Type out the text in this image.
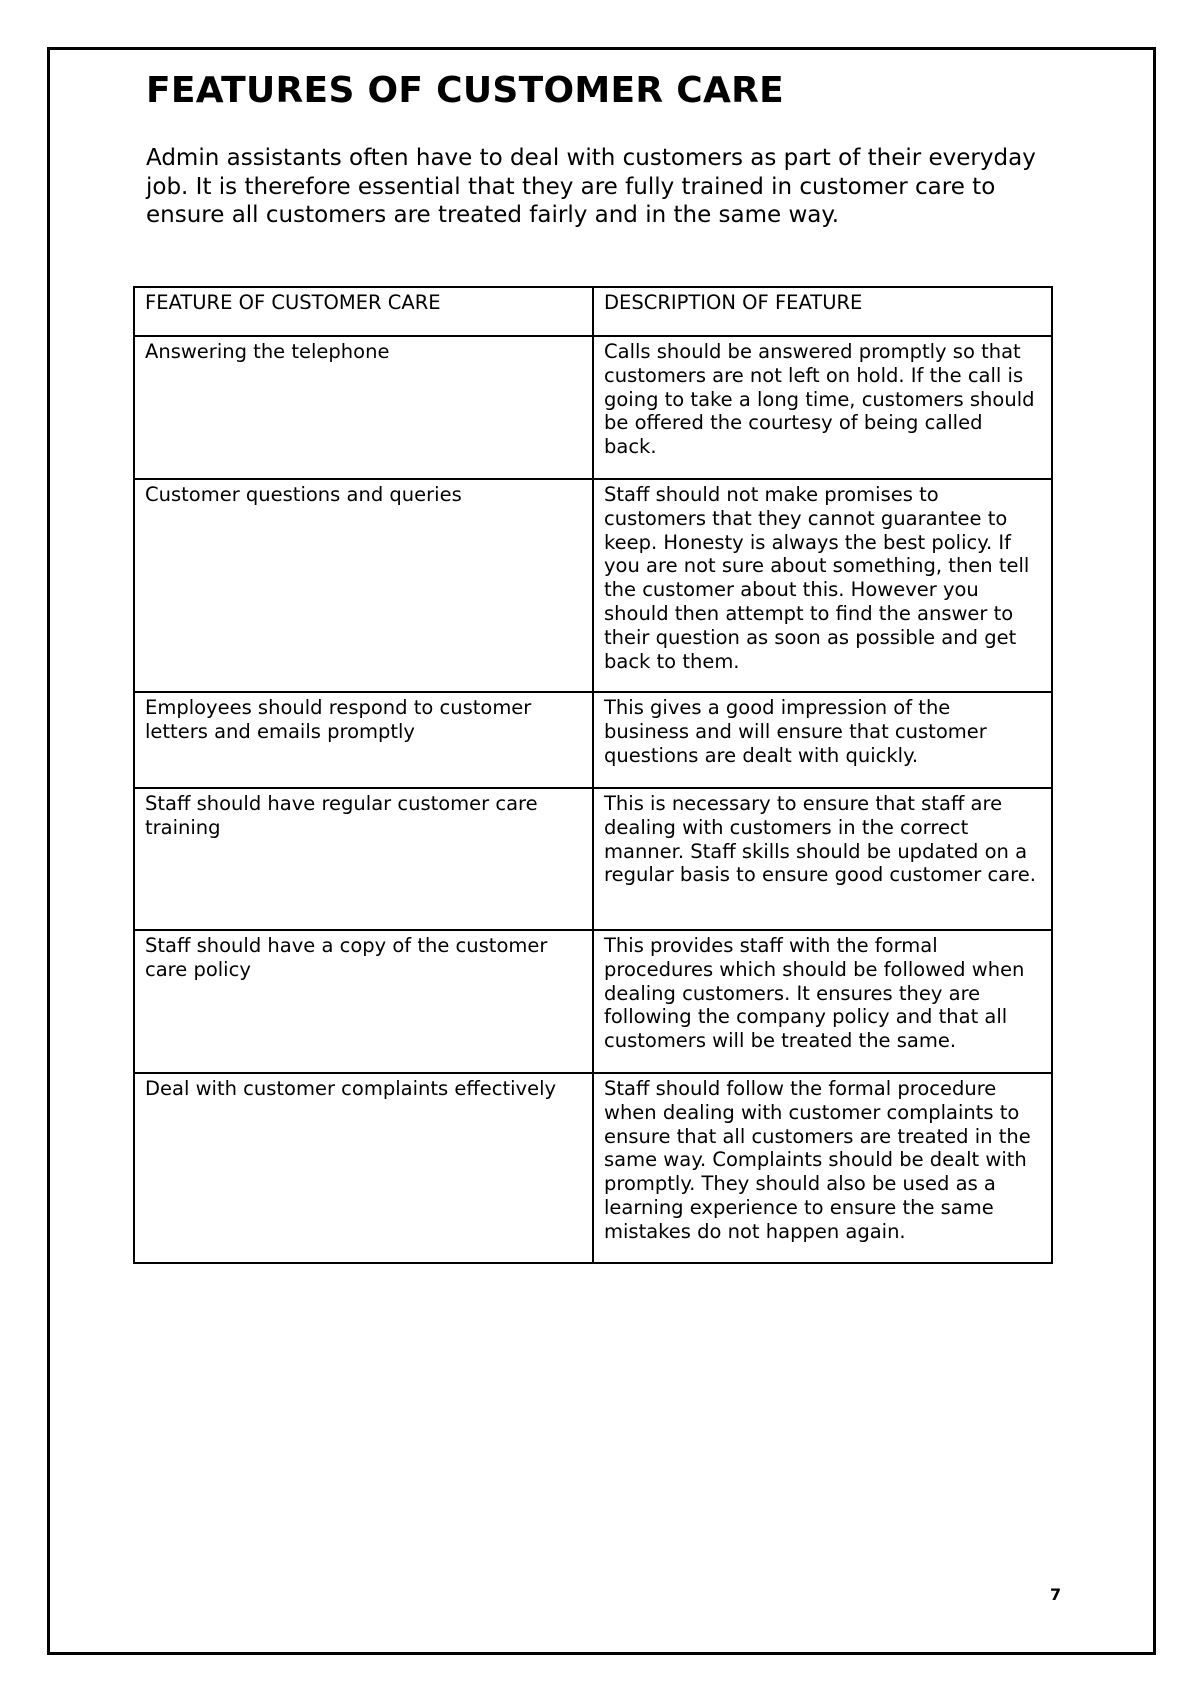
FEATURES OF CUSTOMER CARE

Admin assistants often have to deal with customers as part of their everyday job. It is therefore essential that they are fully trained in customer care to ensure all customers are treated fairly and in the same way.

FEATURE OF CUSTOMER CARE	DESCRIPTION OF FEATURE
Answering the telephone	Calls should be answered promptly so that customers are not left on hold. If the call is going to take a long time, customers should be offered the courtesy of being called back.
Customer questions and queries	Staff should not make promises to customers that they cannot guarantee to keep. Honesty is always the best policy. If you are not sure about something, then tell the customer about this. However you should then attempt to find the answer to their question as soon as possible and get back to them.
Employees should respond to customer letters and emails promptly	This gives a good impression of the business and will ensure that customer questions are dealt with quickly.
Staff should have regular customer care training	This is necessary to ensure that staff are dealing with customers in the correct manner. Staff skills should be updated on a regular basis to ensure good customer care.
Staff should have a copy of the customer care policy	This provides staff with the formal procedures which should be followed when dealing customers. It ensures they are following the company policy and that all customers will be treated the same.
Deal with customer complaints effectively	Staff should follow the formal procedure when dealing with customer complaints to ensure that all customers are treated in the same way. Complaints should be dealt with promptly. They should also be used as a learning experience to ensure the same mistakes do not happen again.
7
